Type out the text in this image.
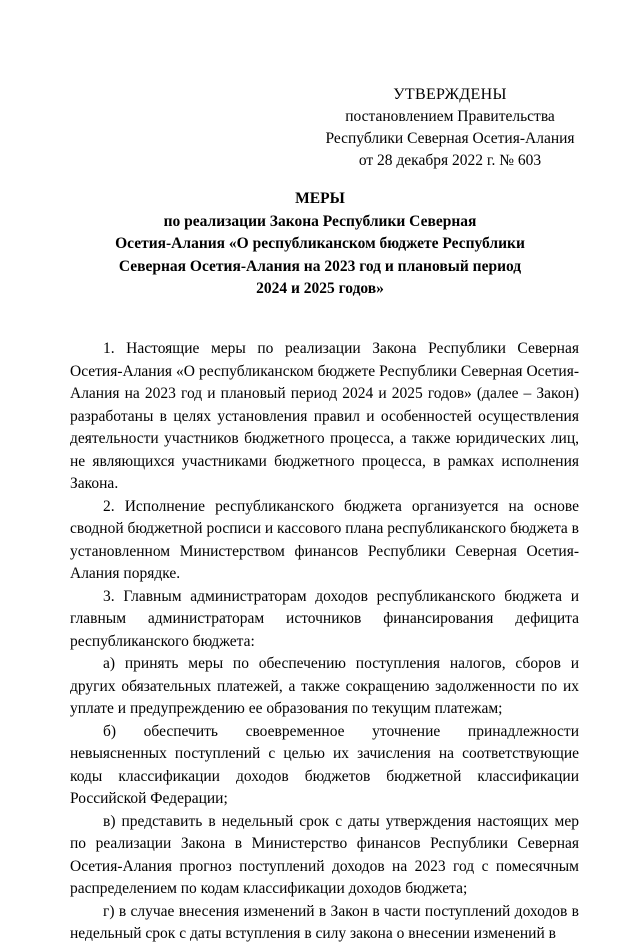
УТВЕРЖДЕНЫ
постановлением Правительства
Республики Северная Осетия-Алания
от 28 декабря 2022 г. № 603
МЕРЫ
по реализации Закона Республики Северная
Осетия-Алания «О республиканском бюджете Республики
Северная Осетия-Алания на 2023 год и плановый период
2024 и 2025 годов»

1. Настоящие меры по реализации Закона Республики Северная Осетия-Алания «О республиканском бюджете Республики Северная Осетия-Алания на 2023 год и плановый период 2024 и 2025 годов» (далее – Закон) разработаны в целях установления правил и особенностей осуществления деятельности участников бюджетного процесса, а также юридических лиц, не являющихся участниками бюджетного процесса, в рамках исполнения Закона.

2. Исполнение республиканского бюджета организуется на основе сводной бюджетной росписи и кассового плана республиканского бюджета в установленном Министерством финансов Республики Северная Осетия-Алания порядке.

3. Главным администраторам доходов республиканского бюджета и главным администраторам источников финансирования дефицита республиканского бюджета:

а) принять меры по обеспечению поступления налогов, сборов и других обязательных платежей, а также сокращению задолженности по их уплате и предупреждению ее образования по текущим платежам;

б) обеспечить своевременное уточнение принадлежности невыясненных поступлений с целью их зачисления на соответствующие коды классификации доходов бюджетов бюджетной классификации Российской Федерации;

в) представить в недельный срок с даты утверждения настоящих мер по реализации Закона в Министерство финансов Республики Северная Осетия-Алания прогноз поступлений доходов на 2023 год с помесячным распределением по кодам классификации доходов бюджета;

г) в случае внесения изменений в Закон в части поступлений доходов в недельный срок с даты вступления в силу закона о внесении изменений в
